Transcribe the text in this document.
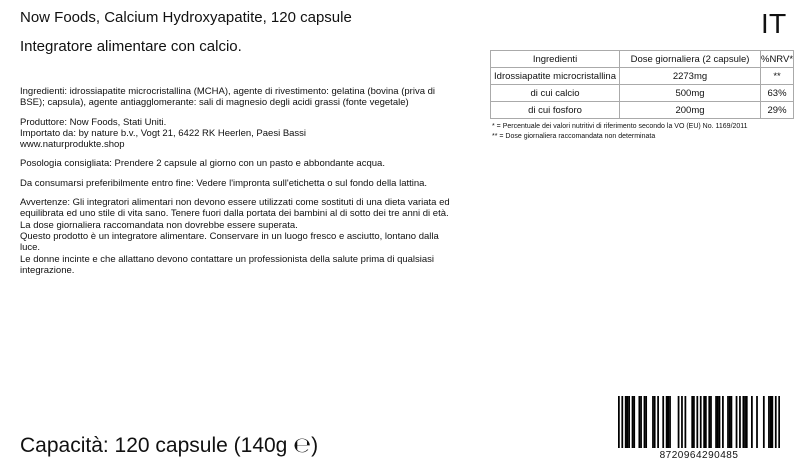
Now Foods, Calcium Hydroxyapatite, 120 capsule
Integratore alimentare con calcio.
IT

Ingredienti: idrossiapatite microcristallina (MCHA), agente di rivestimento: gelatina (bovina (priva di BSE); capsula), agente antiagglomerante: sali di magnesio degli acidi grassi (fonte vegetale)

Produttore: Now Foods, Stati Uniti.

Importato da: by nature b.v., Vogt 21, 6422 RK Heerlen, Paesi Bassi

www.naturprodukte.shop

Posologia consigliata: Prendere 2 capsule al giorno con un pasto e abbondante acqua.

Da consumarsi preferibilmente entro fine: Vedere l'impronta sull'etichetta o sul fondo della lattina.

Avvertenze: Gli integratori alimentari non devono essere utilizzati come sostituti di una dieta variata ed

equilibrata ed uno stile di vita sano. Tenere fuori dalla portata dei bambini al di sotto dei tre anni di età.

La dose giornaliera raccomandata non dovrebbe essere superata.

Questo prodotto è un integratore alimentare. Conservare in un luogo fresco e asciutto, lontano dalla luce.

Le donne incinte e che allattano devono contattare un professionista della salute prima di qualsiasi integrazione.

Ingredienti	Dose giornaliera (2 capsule)	%NRV*
Idrossiapatite microcristallina	2273mg	**
di cui calcio	500mg	63%
di cui fosforo	200mg	29%

* = Percentuale dei valori nutritivi di riferimento secondo la VO (EU) No. 1169/2011

** = Dose giornaliera raccomandata non determinata

Capacità: 120 capsule (140g ℮)	8720964290485
